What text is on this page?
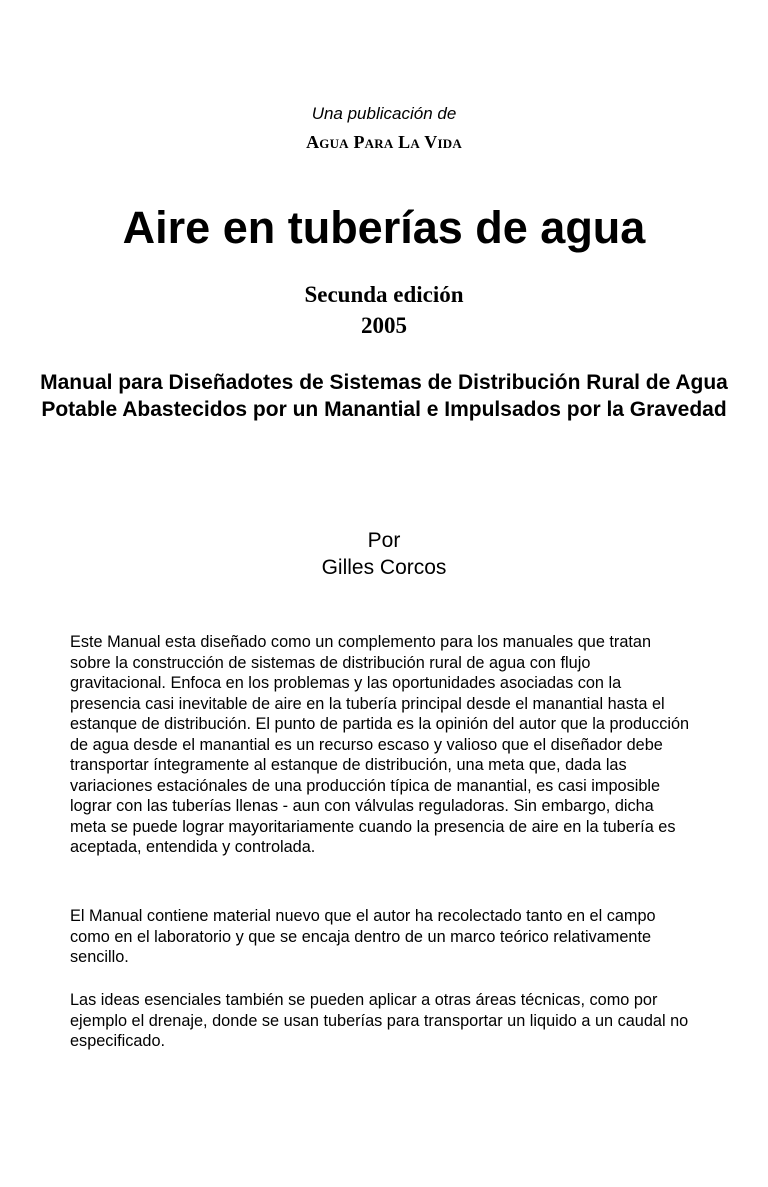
Una publicación de
Agua Para La Vida
Aire en tuberías de agua
Secunda edición
2005
Manual para Diseñadotes de Sistemas de Distribución Rural de Agua Potable Abastecidos por un Manantial e Impulsados por la Gravedad
Por
Gilles Corcos

Este Manual esta diseñado como un complemento para los manuales que tratan sobre la construcción de sistemas de distribución rural de agua con flujo gravitacional. Enfoca en los problemas y las oportunidades asociadas con la presencia casi inevitable de aire en la tubería principal desde el manantial hasta el estanque de distribución. El punto de partida es la opinión del autor que la producción de agua desde el manantial es un recurso escaso y valioso que el diseñador debe transportar íntegramente al estanque de distribución, una meta que, dada las variaciones estaciónales de una producción típica de manantial, es casi imposible lograr con las tuberías llenas - aun con válvulas reguladoras. Sin embargo, dicha meta se puede lograr mayoritariamente cuando la presencia de aire en la tubería es aceptada, entendida y controlada.

El Manual contiene material nuevo que el autor ha recolectado tanto en el campo como en el laboratorio y que se encaja dentro de un marco teórico relativamente sencillo.

Las ideas esenciales también se pueden aplicar a otras áreas técnicas, como por ejemplo el drenaje, donde se usan tuberías para transportar un liquido a un caudal no especificado.
